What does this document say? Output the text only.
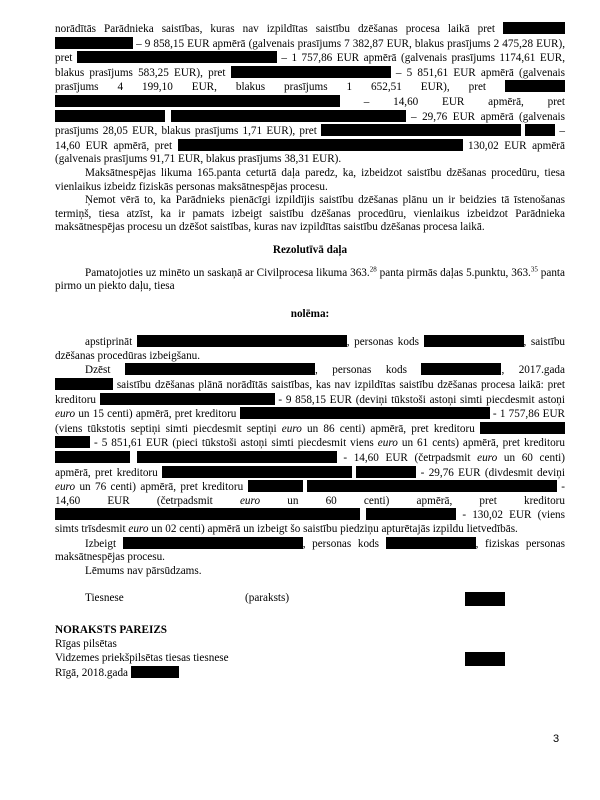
norādītās Parādnieka saistības, kuras nav izpildītas saistību dzēšanas procesa laikā pret   – 9 858,15 EUR apmērā (galvenais prasījums 7 382,87 EUR, blakus prasījums 2 475,28 EUR), pret	– 1 757,86 EUR apmērā (galvenais prasījums 1174,61 EUR, blakus prasījums 583,25 EUR), pret	– 5 851,61 EUR apmērā (galvenais prasījums 4 199,10 EUR, blakus prasījums 1 652,51 EUR), pret   – 14,60 EUR apmērā, pret   – 29,76 EUR apmērā (galvenais prasījums 28,05 EUR, blakus prasījums 1,71 EUR), pret	– 14,60 EUR apmērā, pret	130,02 EUR apmērā (galvenais prasījums 91,71 EUR, blakus prasījums 38,31 EUR).

Maksātnespējas likuma 165.panta ceturtā daļa paredz, ka, izbeidzot saistību dzēšanas procedūru, tiesa vienlaikus izbeidz fiziskās personas maksātnespējas procesu.

Ņemot vērā to, ka Parādnieks pienācīgi izpildījis saistību dzēšanas plānu un ir beidzies tā īstenošanas termiņš, tiesa atzīst, ka ir pamats izbeigt saistību dzēšanas procedūru, vienlaikus izbeidzot Parādnieka maksātnespējas procesu un dzēšot saistības, kuras nav izpildītas saistību dzēšanas procesa laikā.

Rezolutīvā daļa

Pamatojoties uz minēto un saskaņā ar Civilprocesa likuma 363.28 panta pirmās daļas 5.punktu, 363.35 panta pirmo un piekto daļu, tiesa

nolēma:

apstiprināt	, personas kods	, saistību dzēšanas procedūras izbeigšanu.

Dzēst	, personas kods	, 2017.gada  saistību dzēšanas plānā norādītās saistības, kas nav izpildītas saistību dzēšanas procesa laikā: pret kreditoru	- 9 858,15 EUR (deviņi tūkstoši astoņi simti piecdesmit astoņi euro un 15 centi) apmērā, pret kreditoru	- 1 757,86 EUR (viens tūkstotis septiņi simti piecdesmit septiņi euro un 86 centi) apmērā, pret kreditoru   - 5 851,61 EUR (pieci tūkstoši astoņi simti piecdesmit viens euro un 61 cents) apmērā, pret kreditoru   - 14,60 EUR (četrpadsmit euro un 60 centi) apmērā, pret kreditoru	- 29,76 EUR (divdesmit deviņi euro un 76 centi) apmērā, pret kreditoru	- 14,60 EUR (četrpadsmit euro un 60 centi) apmērā, pret kreditoru   - 130,02 EUR (viens simts trīsdesmit euro un 02 centi) apmērā un izbeigt šo saistību piedziņu apturētajās izpildu lietvedībās.

Izbeigt	, personas kods	, fiziskas personas maksātnespējas procesu.

Lēmums nav pārsūdzams.

Tiesnese	(paraksts)

NORAKSTS PAREIZS

Rīgas pilsētas

Vidzemes priekšpilsētas tiesas tiesnese

Rīgā, 2018.gada

3
